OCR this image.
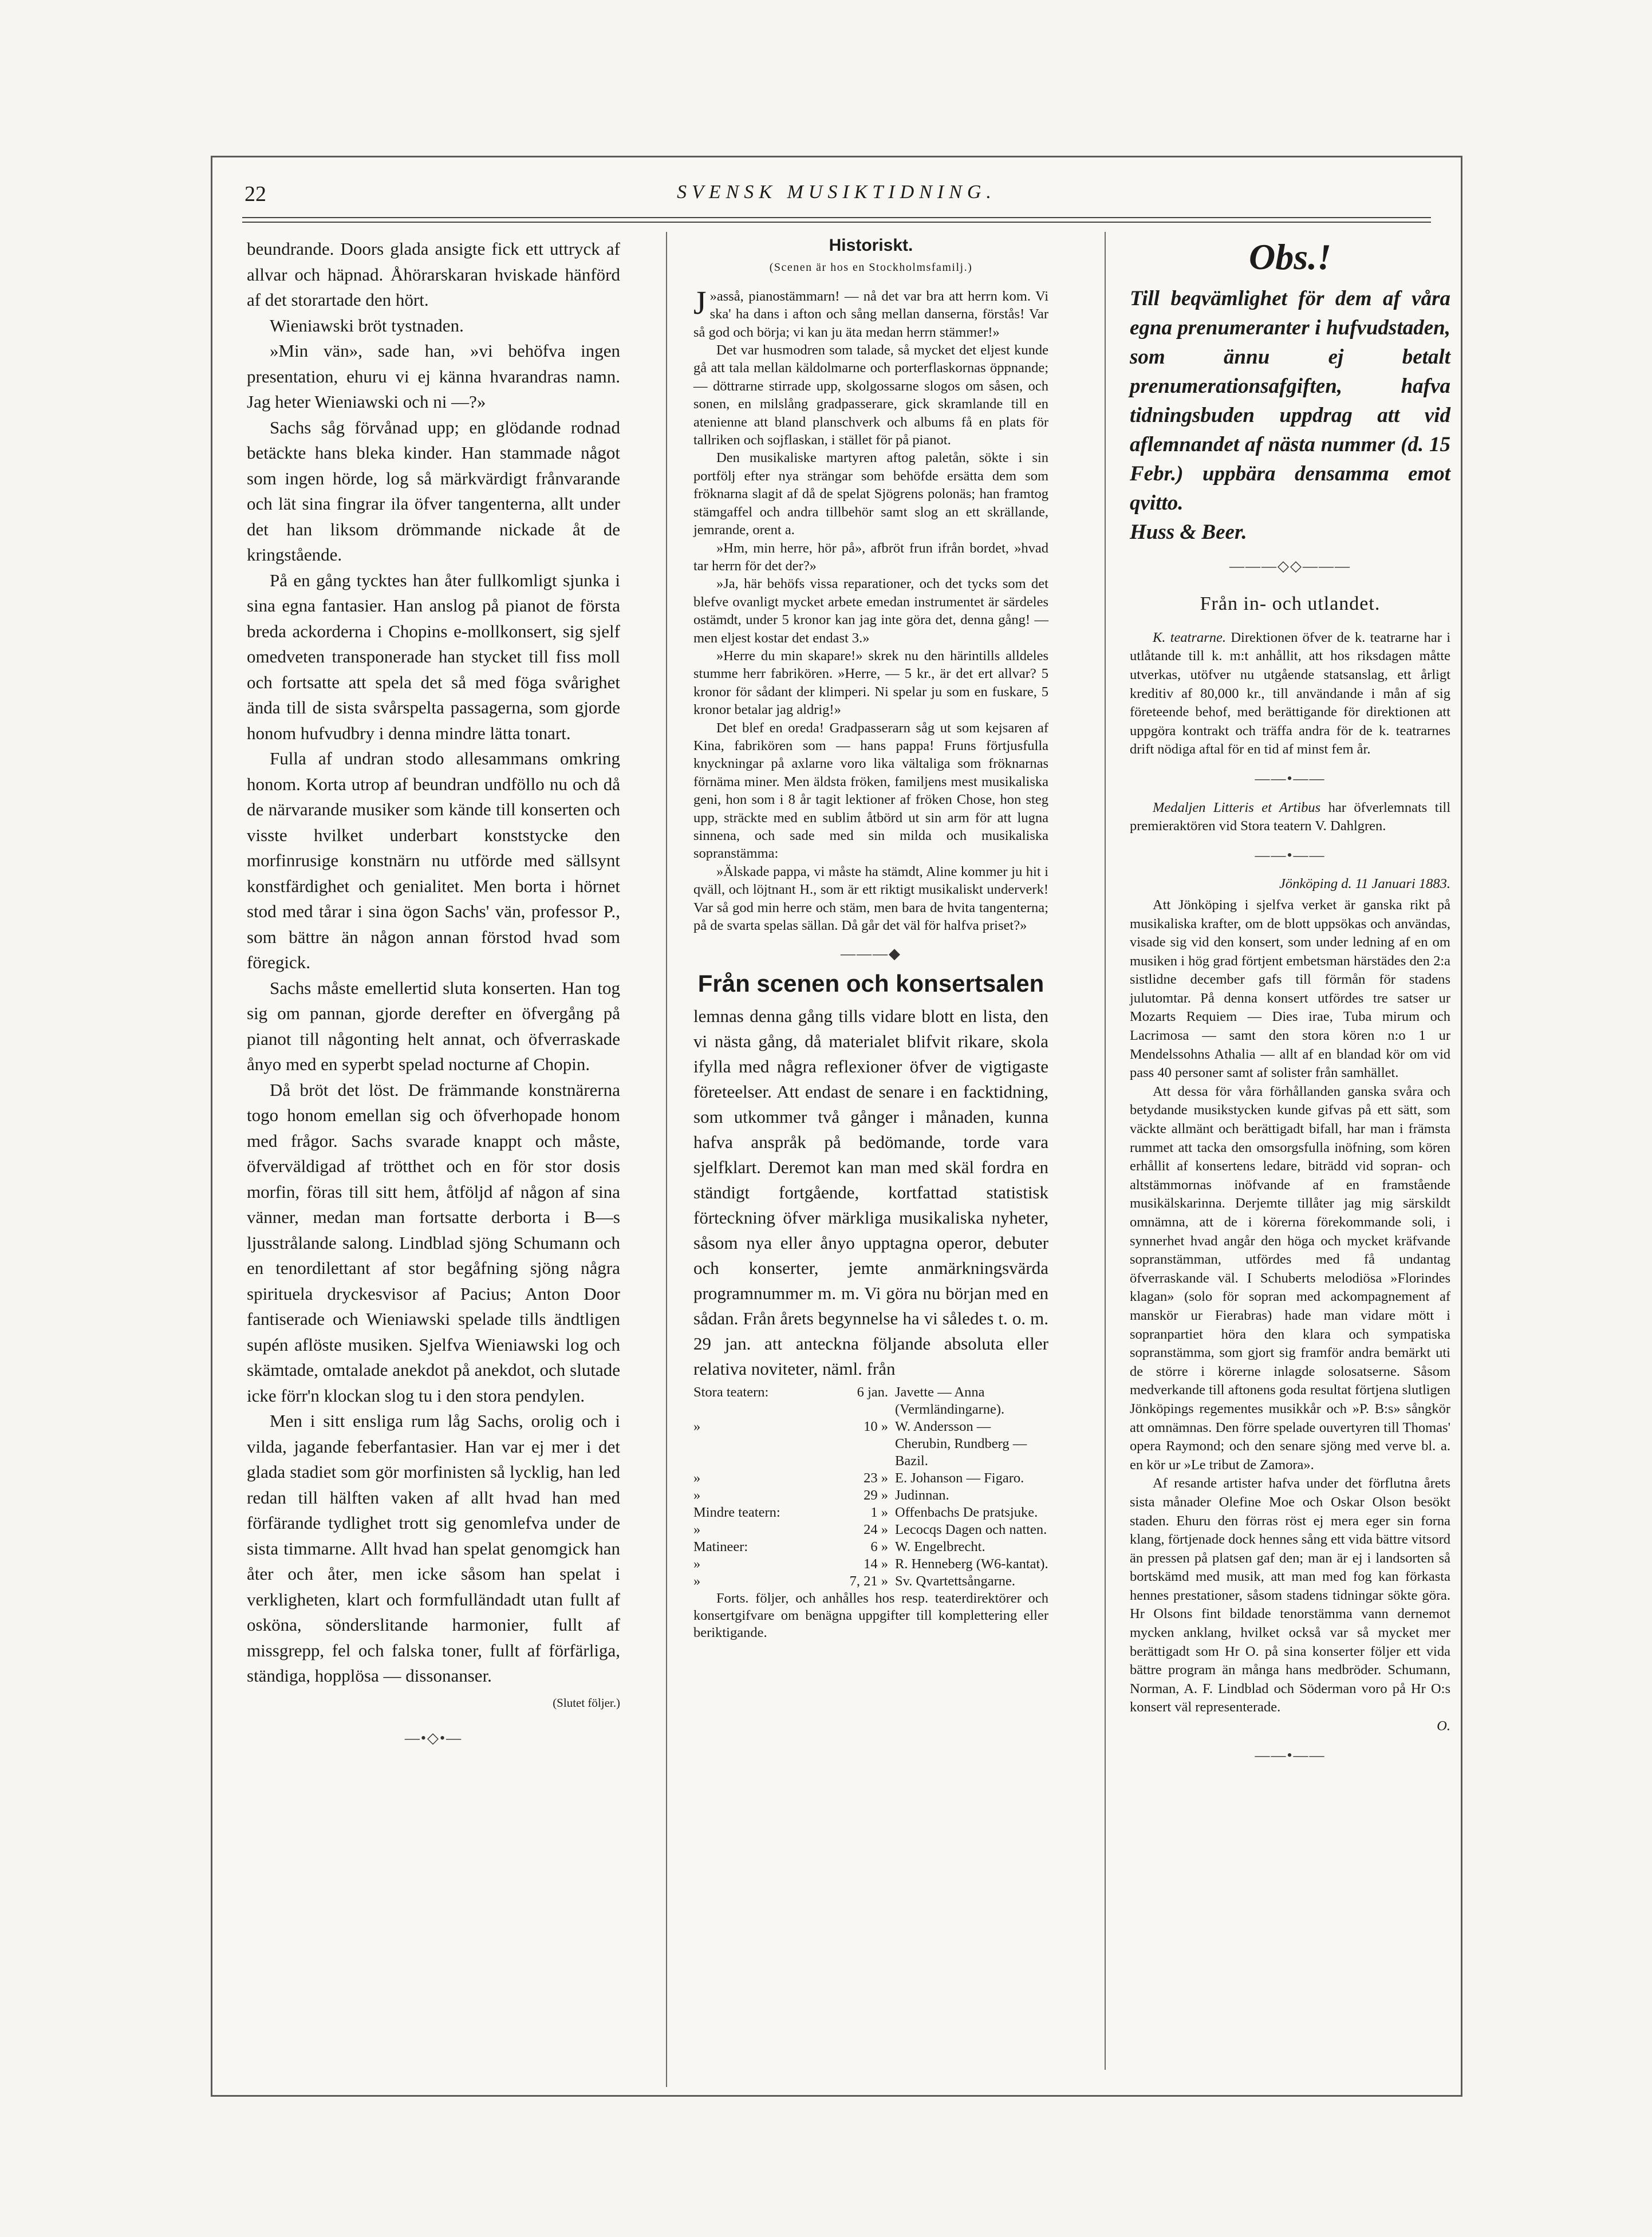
22	SVENSK MUSIKTIDNING.

beundrande. Doors glada ansigte fick ett uttryck af allvar och häpnad. Åhörarskaran hviskade hänförd af det storartade den hört.

Wieniawski bröt tystnaden.

»Min vän», sade han, »vi behöfva ingen presentation, ehuru vi ej känna hvarandras namn. Jag heter Wieniawski och ni —?»

Sachs såg förvånad upp; en glödande rodnad betäckte hans bleka kinder. Han stammade något som ingen hörde, log så märkvärdigt frånvarande och lät sina fingrar ila öfver tangenterna, allt under det han liksom drömmande nickade åt de kringstående.

På en gång tycktes han åter fullkomligt sjunka i sina egna fantasier. Han anslog på pianot de första breda ackorderna i Chopins e-mollkonsert, sig sjelf omedveten transponerade han stycket till fiss moll och fortsatte att spela det så med föga svårighet ända till de sista svårspelta passagerna, som gjorde honom hufvudbry i denna mindre lätta tonart.

Fulla af undran stodo allesammans omkring honom. Korta utrop af beundran undföllo nu och då de närvarande musiker som kände till konserten och visste hvilket underbart konststycke den morfinrusige konstnärn nu utförde med sällsynt konstfärdighet och genialitet. Men borta i hörnet stod med tårar i sina ögon Sachs' vän, professor P., som bättre än någon annan förstod hvad som föregick.

Sachs måste emellertid sluta konserten. Han tog sig om pannan, gjorde derefter en öfvergång på pianot till någonting helt annat, och öfverraskade ånyo med en syperbt spelad nocturne af Chopin.

Då bröt det löst. De främmande konstnärerna togo honom emellan sig och öfverhopade honom med frågor. Sachs svarade knappt och måste, öfverväldigad af trötthet och en för stor dosis morfin, föras till sitt hem, åtföljd af någon af sina vänner, medan man fortsatte derborta i B—s ljusstrålande salong. Lindblad sjöng Schumann och en tenordilettant af stor begåfning sjöng några spirituela dryckesvisor af Pacius; Anton Door fantiserade och Wieniawski spelade tills ändtligen supén aflöste musiken. Sjelfva Wieniawski log och skämtade, omtalade anekdot på anekdot, och slutade icke förr'n klockan slog tu i den stora pendylen.

Men i sitt ensliga rum låg Sachs, orolig och i vilda, jagande feberfantasier. Han var ej mer i det glada stadiet som gör morfinisten så lycklig, han led redan till hälften vaken af allt hvad han med förfärande tydlighet trott sig genomlefva under de sista timmarne. Allt hvad han spelat genomgick han åter och åter, men icke såsom han spelat i verkligheten, klart och formfulländadt utan fullt af osköna, sönderslitande harmonier, fullt af missgrepp, fel och falska toner, fullt af förfärliga, ständiga, hopplösa — dissonanser.

(Slutet följer.)

—•◇•—
Historiskt.
(Scenen är hos en Stockholmsfamilj.)

J »asså, pianostämmarn! — nå det var bra att herrn kom. Vi ska' ha dans i afton och sång mellan danserna, förstås! Var så god och börja; vi kan ju äta medan herrn stämmer!»

Det var husmodren som talade, så mycket det eljest kunde gå att tala mellan käldolmarne och porterflaskornas öppnande; — döttrarne stirrade upp, skolgossarne slogos om såsen, och sonen, en milslång gradpasserare, gick skramlande till en atenienne att bland planschverk och albums få en plats för tallriken och sojflaskan, i stället för på pianot.

Den musikaliske martyren aftog paletån, sökte i sin portfölj efter nya strängar som behöfde ersätta dem som fröknarna slagit af då de spelat Sjögrens polonäs; han framtog stämgaffel och andra tillbehör samt slog an ett skrällande, jemrande, orent a.

»Hm, min herre, hör på», afbröt frun ifrån bordet, »hvad tar herrn för det der?»

»Ja, här behöfs vissa reparationer, och det tycks som det blefve ovanligt mycket arbete emedan instrumentet är särdeles ostämdt, under 5 kronor kan jag inte göra det, denna gång! — men eljest kostar det endast 3.»

»Herre du min skapare!» skrek nu den härintills alldeles stumme herr fabrikören. »Herre, — 5 kr., är det ert allvar? 5 kronor för sådant der klimperi. Ni spelar ju som en fuskare, 5 kronor betalar jag aldrig!»

Det blef en oreda! Gradpasserarn såg ut som kejsaren af Kina, fabrikören som — hans pappa! Fruns förtjusfulla knyckningar på axlarne voro lika vältaliga som fröknarnas förnäma miner. Men äldsta fröken, familjens mest musikaliska geni, hon som i 8 år tagit lektioner af fröken Chose, hon steg upp, sträckte med en sublim åtbörd ut sin arm för att lugna sinnena, och sade med sin milda och musikaliska sopranstämma:

»Älskade pappa, vi måste ha stämdt, Aline kommer ju hit i qväll, och löjtnant H., som är ett riktigt musikaliskt underverk! Var så god min herre och stäm, men bara de hvita tangenterna; på de svarta spelas sällan. Då går det väl för halfva priset?»

———◆
Från scenen och konsertsalen

lemnas denna gång tills vidare blott en lista, den vi nästa gång, då materialet blifvit rikare, skola ifylla med några reflexioner öfver de vigtigaste företeelser. Att endast de senare i en facktidning, som utkommer två gånger i månaden, kunna hafva anspråk på bedömande, torde vara sjelfklart. Deremot kan man med skäl fordra en ständigt fortgående, kortfattad statistisk förteckning öfver märkliga musikaliska nyheter, såsom nya eller ånyo upptagna operor, debuter och konserter, jemte anmärkningsvärda programnummer m. m. Vi göra nu början med en sådan. Från årets begynnelse ha vi således t. o. m. 29 jan. att anteckna följande absoluta eller relativa noviteter, näml. från

Stora teatern:	6 jan.	Javette — Anna (Vermländingarne).
»	10 »	W. Andersson — Cherubin, Rundberg — Bazil.
»	23 »	E. Johanson — Figaro.
»	29 »	Judinnan.
Mindre teatern:	1 »	Offenbachs De pratsjuke.
»	24 »	Lecocqs Dagen och natten.
Matineer:	6 »	W. Engelbrecht.
»	14 »	R. Henneberg (W6-kantat).
»	7, 21 »	Sv. Qvartettsångarne.

Forts. följer, och anhålles hos resp. teaterdirektörer och konsertgifvare om benägna uppgifter till komplettering eller beriktigande.

Obs.!

Till beqvämlighet för dem af våra egna prenumeranter i hufvudstaden, som ännu ej betalt prenumerationsafgiften, hafva tidningsbuden uppdrag att vid aflemnandet af nästa nummer (d. 15 Febr.) uppbära densamma emot qvitto.

Huss & Beer.

———◇◇———
Från in- och utlandet.

K. teatrarne. Direktionen öfver de k. teatrarne har i utlåtande till k. m:t anhållit, att hos riksdagen måtte utverkas, utöfver nu utgående statsanslag, ett årligt kreditiv af 80,000 kr., till användande i mån af sig företeende behof, med berättigande för direktionen att uppgöra kontrakt och träffa andra för de k. teatrarnes drift nödiga aftal för en tid af minst fem år.

——•——

Medaljen Litteris et Artibus har öfverlemnats till premieraktören vid Stora teatern V. Dahlgren.

——•——
Jönköping d. 11 Januari 1883.

Att Jönköping i sjelfva verket är ganska rikt på musikaliska krafter, om de blott uppsökas och användas, visade sig vid den konsert, som under ledning af en om musiken i hög grad förtjent embetsman härstädes den 2:a sistlidne december gafs till förmån för stadens julutomtar. På denna konsert utfördes tre satser ur Mozarts Requiem — Dies irae, Tuba mirum och Lacrimosa — samt den stora kören n:o 1 ur Mendelssohns Athalia — allt af en blandad kör om vid pass 40 personer samt af solister från samhället.

Att dessa för våra förhållanden ganska svåra och betydande musikstycken kunde gifvas på ett sätt, som väckte allmänt och berättigadt bifall, har man i främsta rummet att tacka den omsorgsfulla inöfning, som kören erhållit af konsertens ledare, biträdd vid sopran- och altstämmornas inöfvande af en framstående musikälskarinna. Derjemte tillåter jag mig särskildt omnämna, att de i körerna förekommande soli, i synnerhet hvad angår den höga och mycket kräfvande sopranstämman, utfördes med få undantag öfverraskande väl. I Schuberts melodiösa »Florindes klagan» (solo för sopran med ackompagnement af manskör ur Fierabras) hade man vidare mött i sopranpartiet höra den klara och sympatiska sopranstämma, som gjort sig framför andra bemärkt uti de större i körerne inlagde solosatserne. Såsom medverkande till aftonens goda resultat förtjena slutligen Jönköpings regementes musikkår och »P. B:s» sångkör att omnämnas. Den förre spelade ouvertyren till Thomas' opera Raymond; och den senare sjöng med verve bl. a. en kör ur »Le tribut de Zamora».

Af resande artister hafva under det förflutna årets sista månader Olefine Moe och Oskar Olson besökt staden. Ehuru den förras röst ej mera eger sin forna klang, förtjenade dock hennes sång ett vida bättre vitsord än pressen på platsen gaf den; man är ej i landsorten så bortskämd med musik, att man med fog kan förkasta hennes prestationer, såsom stadens tidningar sökte göra. Hr Olsons fint bildade tenorstämma vann dernemot mycken anklang, hvilket också var så mycket mer berättigadt som Hr O. på sina konserter följer ett vida bättre program än många hans medbröder. Schumann, Norman, A. F. Lindblad och Söderman voro på Hr O:s konsert väl representerade.

O.

——•——
